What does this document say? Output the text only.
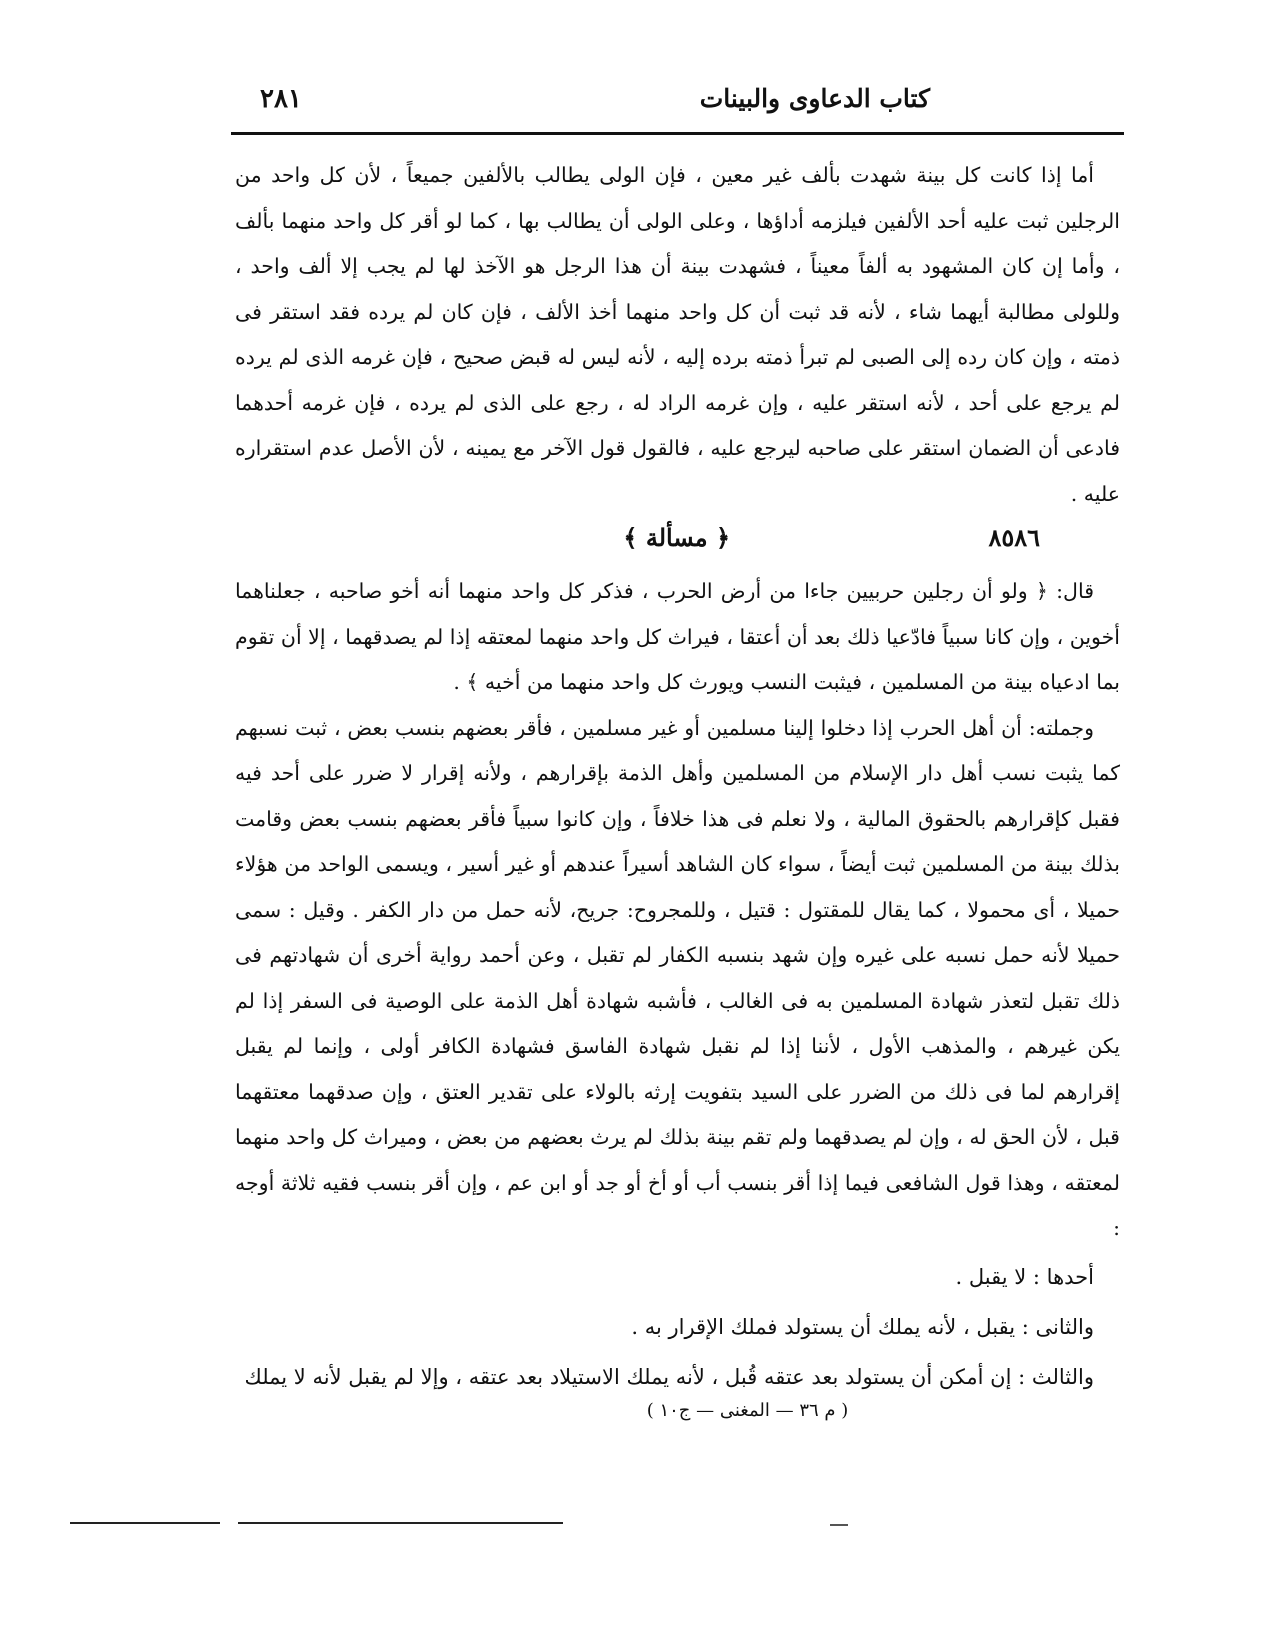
كتاب الدعاوى والبينات
٢٨١

أما إذا كانت كل بينة شهدت بألف غير معين ، فإن الولى يطالب بالألفين جميعاً ، لأن كل واحد من الرجلين ثبت عليه أحد الألفين فيلزمه أداؤها ، وعلى الولى أن يطالب بها ، كما لو أقر كل واحد منهما بألف ، وأما إن كان المشهود به ألفاً معيناً ، فشهدت بينة أن هذا الرجل هو الآخذ لها لم يجب إلا ألف واحد ، وللولى مطالبة أيهما شاء ، لأنه قد ثبت أن كل واحد منهما أخذ الألف ، فإن كان لم يرده فقد استقر فى ذمته ، وإن كان رده إلى الصبى لم تبرأ ذمته برده إليه ، لأنه ليس له قبض صحيح ، فإن غرمه الذى لم يرده لم يرجع على أحد ، لأنه استقر عليه ، وإن غرمه الراد له ، رجع على الذى لم يرده ، فإن غرمه أحدهما فادعى أن الضمان استقر على صاحبه ليرجع عليه ، فالقول قول الآخر مع يمينه ، لأن الأصل عدم استقراره عليه .

٨٥٨٦
﴿ مسألة ﴾

قال: ﴿ ولو أن رجلين حربيين جاءا من أرض الحرب ، فذكر كل واحد منهما أنه أخو صاحبه ، جعلناهما أخوين ، وإن كانا سبياً فادّعيا ذلك بعد أن أعتقا ، فيراث كل واحد منهما لمعتقه إذا لم يصدقهما ، إلا أن تقوم بما ادعياه بينة من المسلمين ، فيثبت النسب ويورث كل واحد منهما من أخيه ﴾ .

وجملته: أن أهل الحرب إذا دخلوا إلينا مسلمين أو غير مسلمين ، فأقر بعضهم بنسب بعض ، ثبت نسبهم كما يثبت نسب أهل دار الإسلام من المسلمين وأهل الذمة بإقرارهم ، ولأنه إقرار لا ضرر على أحد فيه فقبل كإقرارهم بالحقوق المالية ، ولا نعلم فى هذا خلافاً ، وإن كانوا سبياً فأقر بعضهم بنسب بعض وقامت بذلك بينة من المسلمين ثبت أيضاً ، سواء كان الشاهد أسيراً عندهم أو غير أسير ، ويسمى الواحد من هؤلاء حميلا ، أى محمولا ، كما يقال للمقتول : قتيل ، وللمجروح: جريح، لأنه حمل من دار الكفر . وقيل : سمى حميلا لأنه حمل نسبه على غيره وإن شهد بنسبه الكفار لم تقبل ، وعن أحمد رواية أخرى أن شهادتهم فى ذلك تقبل لتعذر شهادة المسلمين به فى الغالب ، فأشبه شهادة أهل الذمة على الوصية فى السفر إذا لم يكن غيرهم ، والمذهب الأول ، لأننا إذا لم نقبل شهادة الفاسق فشهادة الكافر أولى ، وإنما لم يقبل إقرارهم لما فى ذلك من الضرر على السيد بتفويت إرثه بالولاء على تقدير العتق ، وإن صدقهما معتقهما قبل ، لأن الحق له ، وإن لم يصدقهما ولم تقم بينة بذلك لم يرث بعضهم من بعض ، وميراث كل واحد منهما لمعتقه ، وهذا قول الشافعى فيما إذا أقر بنسب أب أو أخ أو جد أو ابن عم ، وإن أقر بنسب فقيه ثلاثة أوجه :

أحدها : لا يقبل .

والثانى : يقبل ، لأنه يملك أن يستولد فملك الإقرار به .

والثالث : إن أمكن أن يستولد بعد عتقه قُبل ، لأنه يملك الاستيلاد بعد عتقه ، وإلا لم يقبل لأنه لا يملك

( م ٣٦ — المغنى — ج١٠ )
